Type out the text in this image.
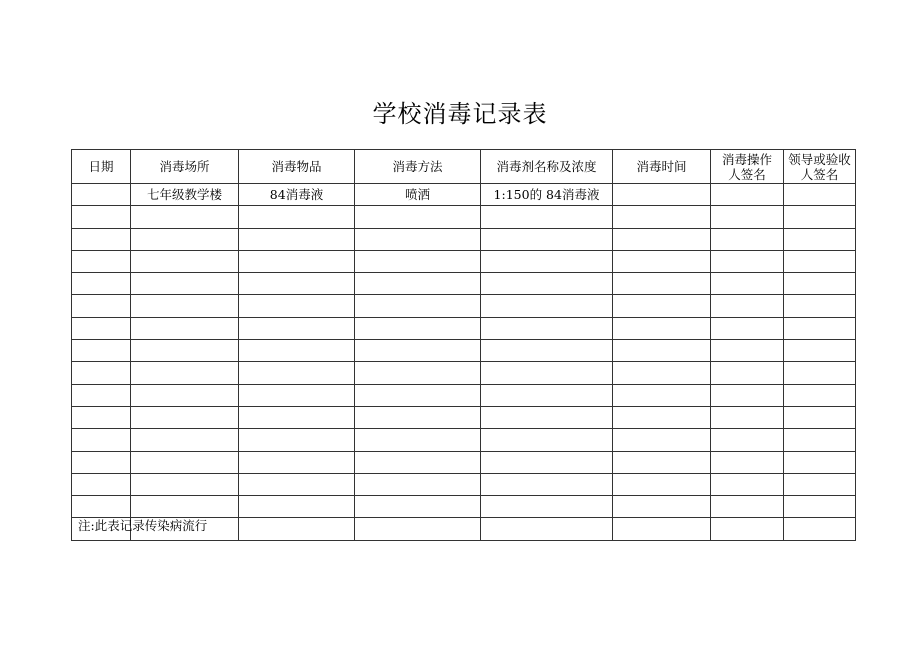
学校消毒记录表
日期	消毒场所	消毒物品	消毒方法	消毒剂名称及浓度	消毒时间	消毒操作人签名	领导或验收人签名
	七年级教学楼	84消毒液	喷洒	1:150的 84消毒液			

注:此表记录传染病流行
